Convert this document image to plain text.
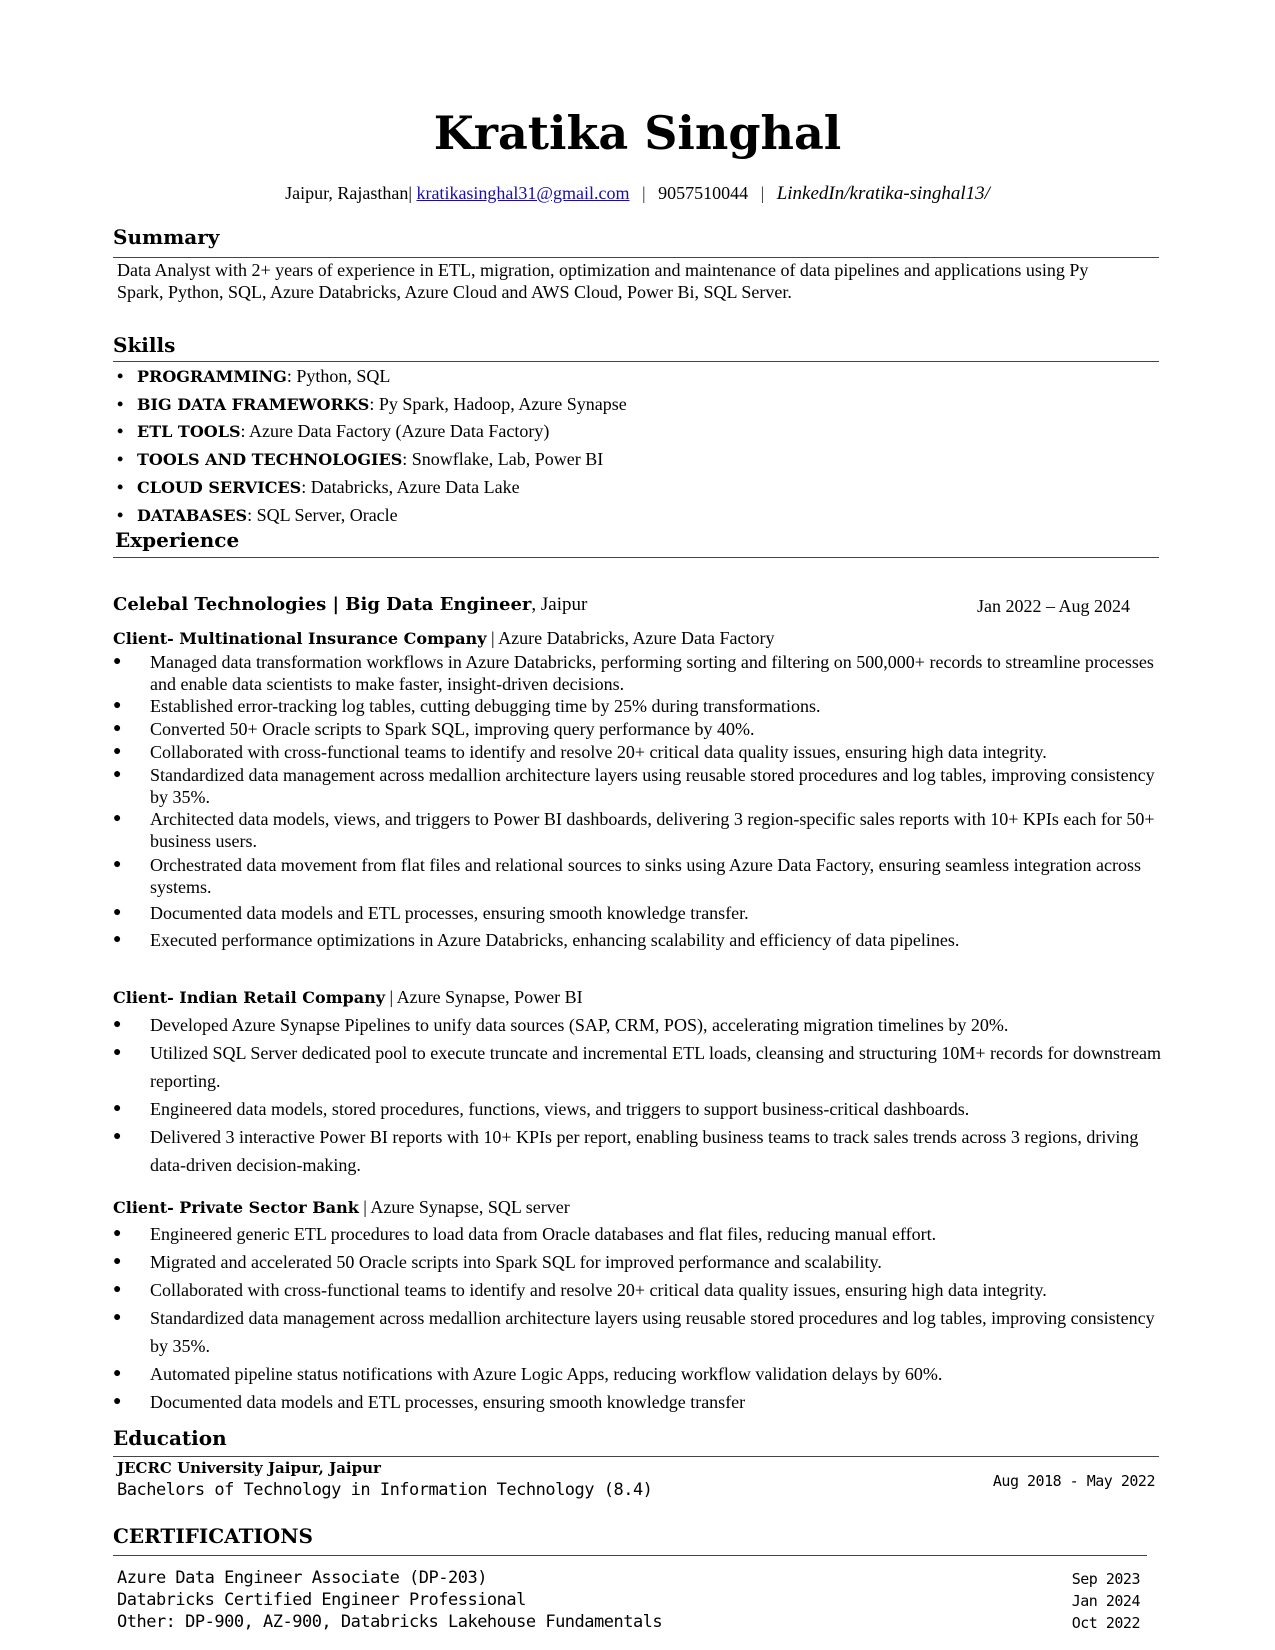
Kratika Singhal
Jaipur, Rajasthan| kratikasinghal31@gmail.com | 9057510044 | LinkedIn/kratika-singhal13/
Summary
Data Analyst with 2+ years of experience in ETL, migration, optimization and maintenance of data pipelines and applications using Py Spark, Python, SQL, Azure Databricks, Azure Cloud and AWS Cloud, Power Bi, SQL Server.
Skills
• PROGRAMMING: Python, SQL
• BIG DATA FRAMEWORKS: Py Spark, Hadoop, Azure Synapse
• ETL TOOLS: Azure Data Factory (Azure Data Factory)
• TOOLS AND TECHNOLOGIES: Snowflake, Lab, Power BI
• CLOUD SERVICES: Databricks, Azure Data Lake
• DATABASES: SQL Server, Oracle
Experience
Celebal Technologies | Big Data Engineer, Jaipur	Jan 2022 – Aug 2024
Client- Multinational Insurance Company | Azure Databricks, Azure Data Factory
●	Managed data transformation workflows in Azure Databricks, performing sorting and filtering on 500,000+ records to streamline processes and enable data scientists to make faster, insight-driven decisions.
●	Established error-tracking log tables, cutting debugging time by 25% during transformations.
●	Converted 50+ Oracle scripts to Spark SQL, improving query performance by 40%.
●	Collaborated with cross-functional teams to identify and resolve 20+ critical data quality issues, ensuring high data integrity.
●	Standardized data management across medallion architecture layers using reusable stored procedures and log tables, improving consistency by 35%.
●	Architected data models, views, and triggers to Power BI dashboards, delivering 3 region-specific sales reports with 10+ KPIs each for 50+ business users.
●	Orchestrated data movement from flat files and relational sources to sinks using Azure Data Factory, ensuring seamless integration across systems.
●	Documented data models and ETL processes, ensuring smooth knowledge transfer.
●	Executed performance optimizations in Azure Databricks, enhancing scalability and efficiency of data pipelines.
Client- Indian Retail Company | Azure Synapse, Power BI
●	Developed Azure Synapse Pipelines to unify data sources (SAP, CRM, POS), accelerating migration timelines by 20%.
●	Utilized SQL Server dedicated pool to execute truncate and incremental ETL loads, cleansing and structuring 10M+ records for downstream reporting.
●	Engineered data models, stored procedures, functions, views, and triggers to support business-critical dashboards.
●	Delivered 3 interactive Power BI reports with 10+ KPIs per report, enabling business teams to track sales trends across 3 regions, driving data-driven decision-making.
Client- Private Sector Bank | Azure Synapse, SQL server
●	Engineered generic ETL procedures to load data from Oracle databases and flat files, reducing manual effort.
●	Migrated and accelerated 50 Oracle scripts into Spark SQL for improved performance and scalability.
●	Collaborated with cross-functional teams to identify and resolve 20+ critical data quality issues, ensuring high data integrity.
●	Standardized data management across medallion architecture layers using reusable stored procedures and log tables, improving consistency by 35%.
●	Automated pipeline status notifications with Azure Logic Apps, reducing workflow validation delays by 60%.
●	Documented data models and ETL processes, ensuring smooth knowledge transfer
Education
JECRC University Jaipur, Jaipur
Bachelors of Technology in Information Technology (8.4)	Aug 2018 - May 2022
CERTIFICATIONS
Azure Data Engineer Associate (DP-203)	Sep 2023
Databricks Certified Engineer Professional	Jan 2024
Other: DP-900, AZ-900, Databricks Lakehouse Fundamentals	Oct 2022
